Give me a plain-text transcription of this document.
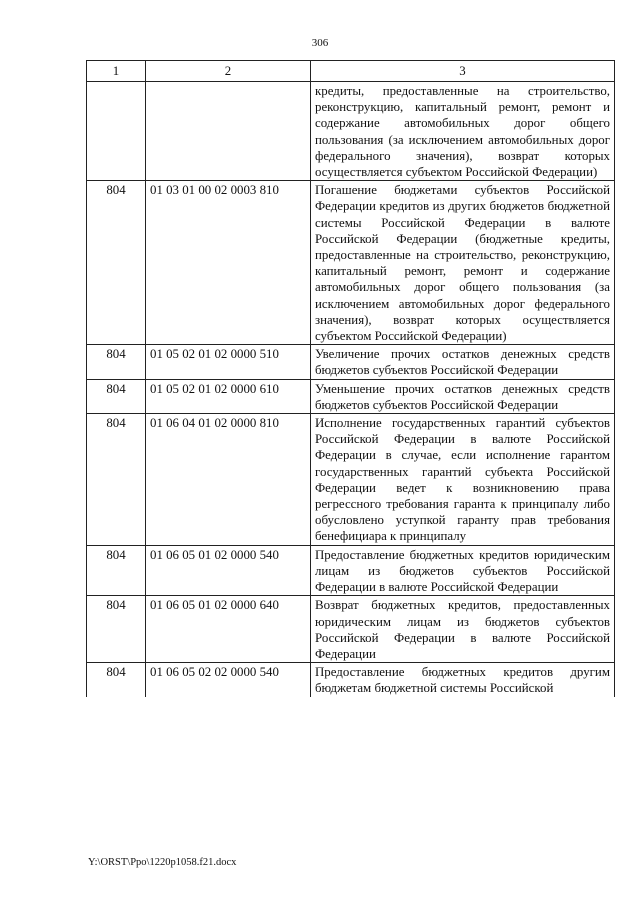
306
1	2	3
		кредиты, предоставленные на строительство, реконструкцию, капитальный ремонт, ремонт и содержание автомобильных дорог общего пользования (за исключением автомобильных дорог федерального значения), возврат которых осуществляется субъектом Российской Федерации)
804	01 03 01 00 02 0003 810	Погашение бюджетами субъектов Российской Федерации кредитов из других бюджетов бюджетной системы Российской Федерации в валюте Российской Федерации (бюджетные кредиты, предоставленные на строительство, реконструкцию, капитальный ремонт, ремонт и содержание автомобильных дорог общего пользования (за исключением автомобильных дорог федерального значения), возврат которых осуществляется субъектом Российской Федерации)
804	01 05 02 01 02 0000 510	Увеличение прочих остатков денежных средств бюджетов субъектов Российской Федерации
804	01 05 02 01 02 0000 610	Уменьшение прочих остатков денежных средств бюджетов субъектов Российской Федерации
804	01 06 04 01 02 0000 810	Исполнение государственных гарантий субъектов Российской Федерации в валюте Российской Федерации в случае, если исполнение гарантом государственных гарантий субъекта Российской Федерации ведет к возникновению права регрессного требования гаранта к принципалу либо обусловлено уступкой гаранту прав требования бенефициара к принципалу
804	01 06 05 01 02 0000 540	Предоставление бюджетных кредитов юридическим лицам из бюджетов субъектов Российской Федерации в валюте Российской Федерации
804	01 06 05 01 02 0000 640	Возврат бюджетных кредитов, предоставленных юридическим лицам из бюджетов субъектов Российской Федерации в валюте Российской Федерации
804	01 06 05 02 02 0000 540	Предоставление бюджетных кредитов другим бюджетам бюджетной системы Российской
Y:\ORST\Ppo\1220p1058.f21.docx
